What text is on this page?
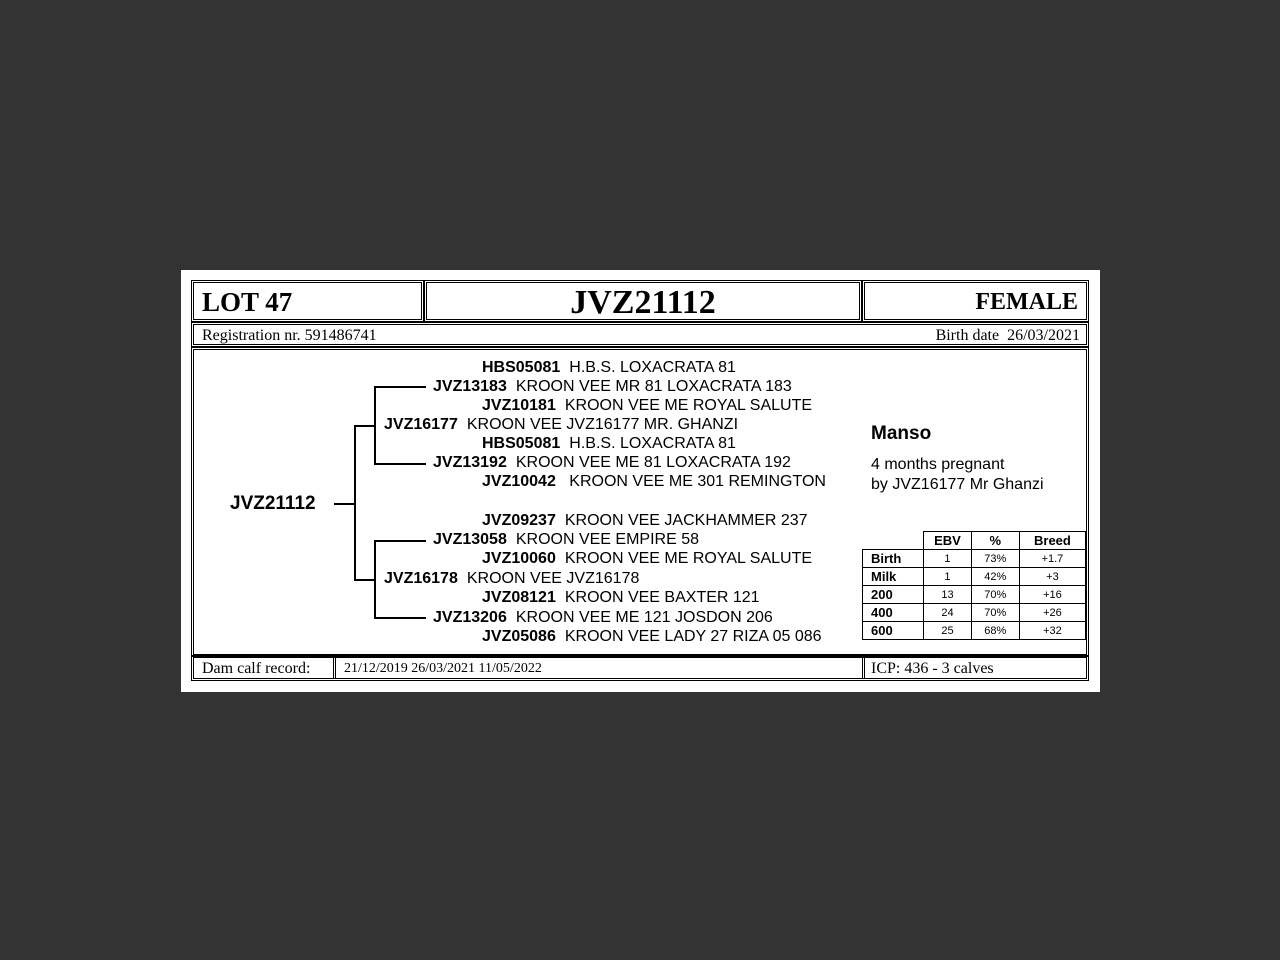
LOT 47	JVZ21112	FEMALE
Registration nr. 591486741	Birth date 26/03/2021
JVZ21112
HBS05081 H.B.S. LOXACRATA 81
JVZ13183 KROON VEE MR 81 LOXACRATA 183
JVZ10181 KROON VEE ME ROYAL SALUTE
JVZ16177 KROON VEE JVZ16177 MR. GHANZI
HBS05081 H.B.S. LOXACRATA 81
JVZ13192 KROON VEE ME 81 LOXACRATA 192
JVZ10042 KROON VEE ME 301 REMINGTON
JVZ09237 KROON VEE JACKHAMMER 237
JVZ13058 KROON VEE EMPIRE 58
JVZ10060 KROON VEE ME ROYAL SALUTE
JVZ16178 KROON VEE JVZ16178
JVZ08121 KROON VEE BAXTER 121
JVZ13206 KROON VEE ME 121 JOSDON 206
JVZ05086 KROON VEE LADY 27 RIZA 05 086
Manso
4 months pregnant
by JVZ16177 Mr Ghanzi
	EBV	%	Breed
Birth	1	73%	+1.7
Milk	1	42%	+3
200	13	70%	+16
400	24	70%	+26
600	25	68%	+32
Dam calf record: 21/12/2019 26/03/2021 11/05/2022	ICP: 436 - 3 calves
